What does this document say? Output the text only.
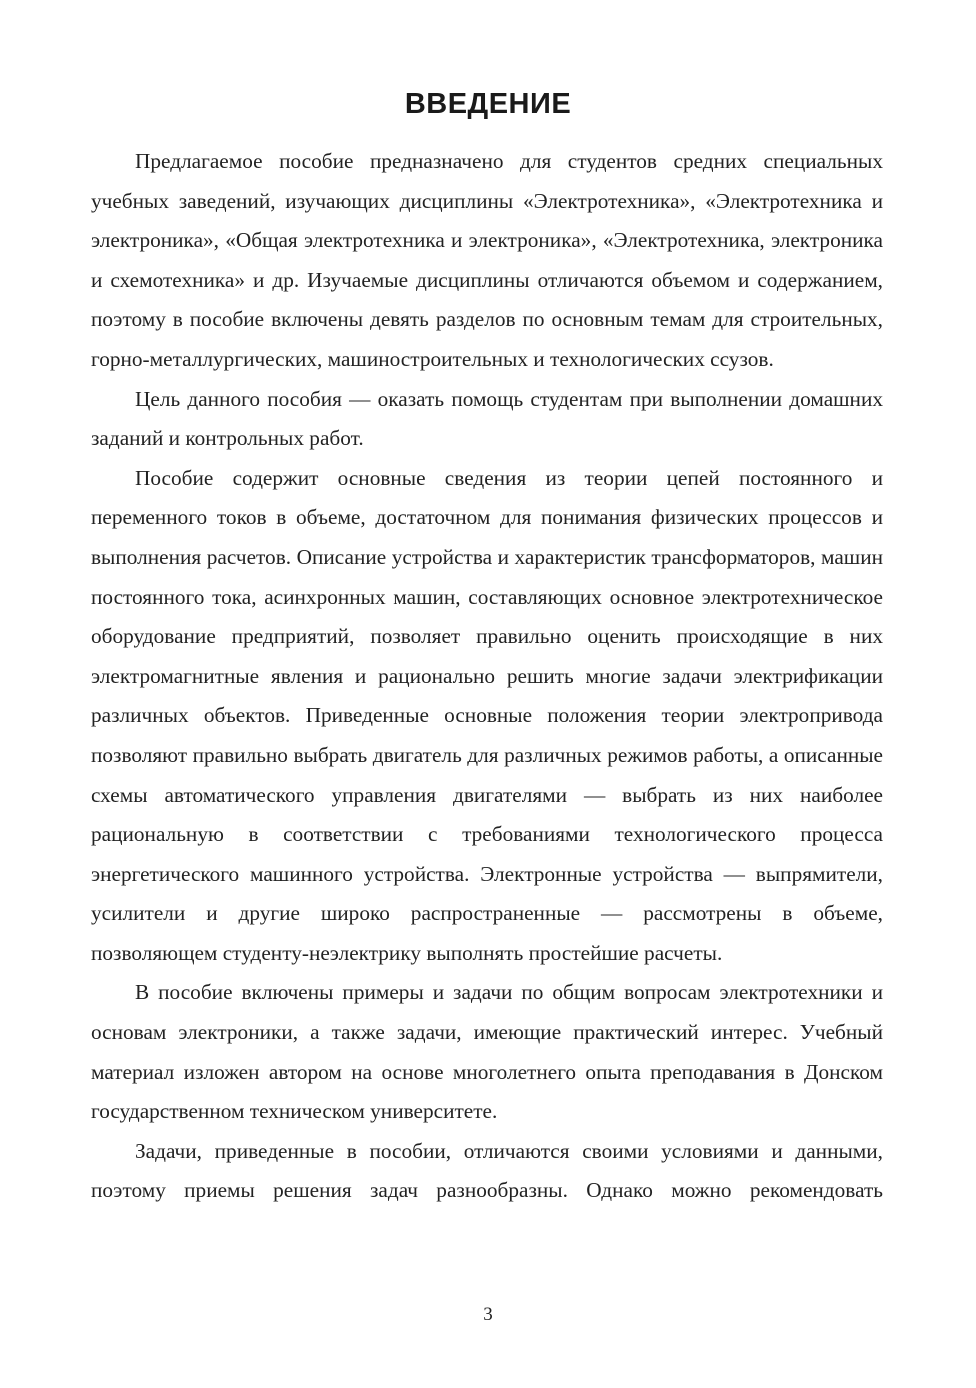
ВВЕДЕНИЕ

Предлагаемое пособие предназначено для студентов средних специальных учебных заведений, изучающих дисциплины «Электротехника», «Электротехника и электроника», «Общая электротехника и электроника», «Электротехника, электроника и схемотехника» и др. Изучаемые дисциплины отличаются объемом и содержанием, поэтому в пособие включены девять разделов по основным темам для строительных, горно-металлургических, машиностроительных и технологических ссузов.

Цель данного пособия — оказать помощь студентам при выполнении домашних заданий и контрольных работ.

Пособие содержит основные сведения из теории цепей постоянного и переменного токов в объеме, достаточном для понимания физических процессов и выполнения расчетов. Описание устройства и характеристик трансформаторов, машин постоянного тока, асинхронных машин, составляющих основное электротехническое оборудование предприятий, позволяет правильно оценить происходящие в них электромагнитные явления и рационально решить многие задачи электрификации различных объектов. Приведенные основные положения теории электропривода позволяют правильно выбрать двигатель для различных режимов работы, а описанные схемы автоматического управления двигателями — выбрать из них наиболее рациональную в соответствии с требованиями технологического процесса энергетического машинного устройства. Электронные устройства — выпрямители, усилители и другие широко распространенные — рассмотрены в объеме, позволяющем студенту-неэлектрику выполнять простейшие расчеты.

В пособие включены примеры и задачи по общим вопросам электротехники и основам электроники, а также задачи, имеющие практический интерес. Учебный материал изложен автором на основе многолетнего опыта преподавания в Донском государственном техническом университете.

Задачи, приведенные в пособии, отличаются своими условиями и данными, поэтому приемы решения задач разнообразны. Однако можно рекомендовать

3
